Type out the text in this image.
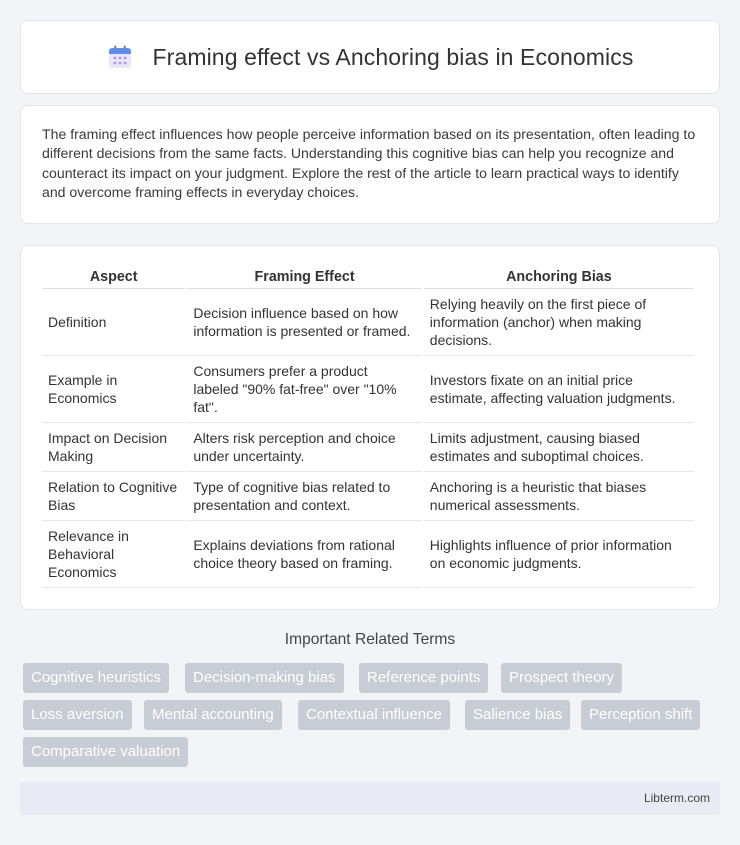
Framing effect vs Anchoring bias in Economics

The framing effect influences how people perceive information based on its presentation, often leading to different decisions from the same facts. Understanding this cognitive bias can help you recognize and counteract its impact on your judgment. Explore the rest of the article to learn practical ways to identify and overcome framing effects in everyday choices.

Aspect	Framing Effect	Anchoring Bias
Definition	Decision influence based on how information is presented or framed.	Relying heavily on the first piece of information (anchor) when making decisions.
Example in Economics	Consumers prefer a product labeled "90% fat-free" over "10% fat".	Investors fixate on an initial price estimate, affecting valuation judgments.
Impact on Decision Making	Alters risk perception and choice under uncertainty.	Limits adjustment, causing biased estimates and suboptimal choices.
Relation to Cognitive Bias	Type of cognitive bias related to presentation and context.	Anchoring is a heuristic that biases numerical assessments.
Relevance in Behavioral Economics	Explains deviations from rational choice theory based on framing.	Highlights influence of prior information on economic judgments.
Important Related Terms
Cognitive heuristics	Decision-making bias	Reference points	Prospect theory
Loss aversion	Mental accounting	Contextual influence	Salience bias	Perception shift
Comparative valuation
Libterm.com
